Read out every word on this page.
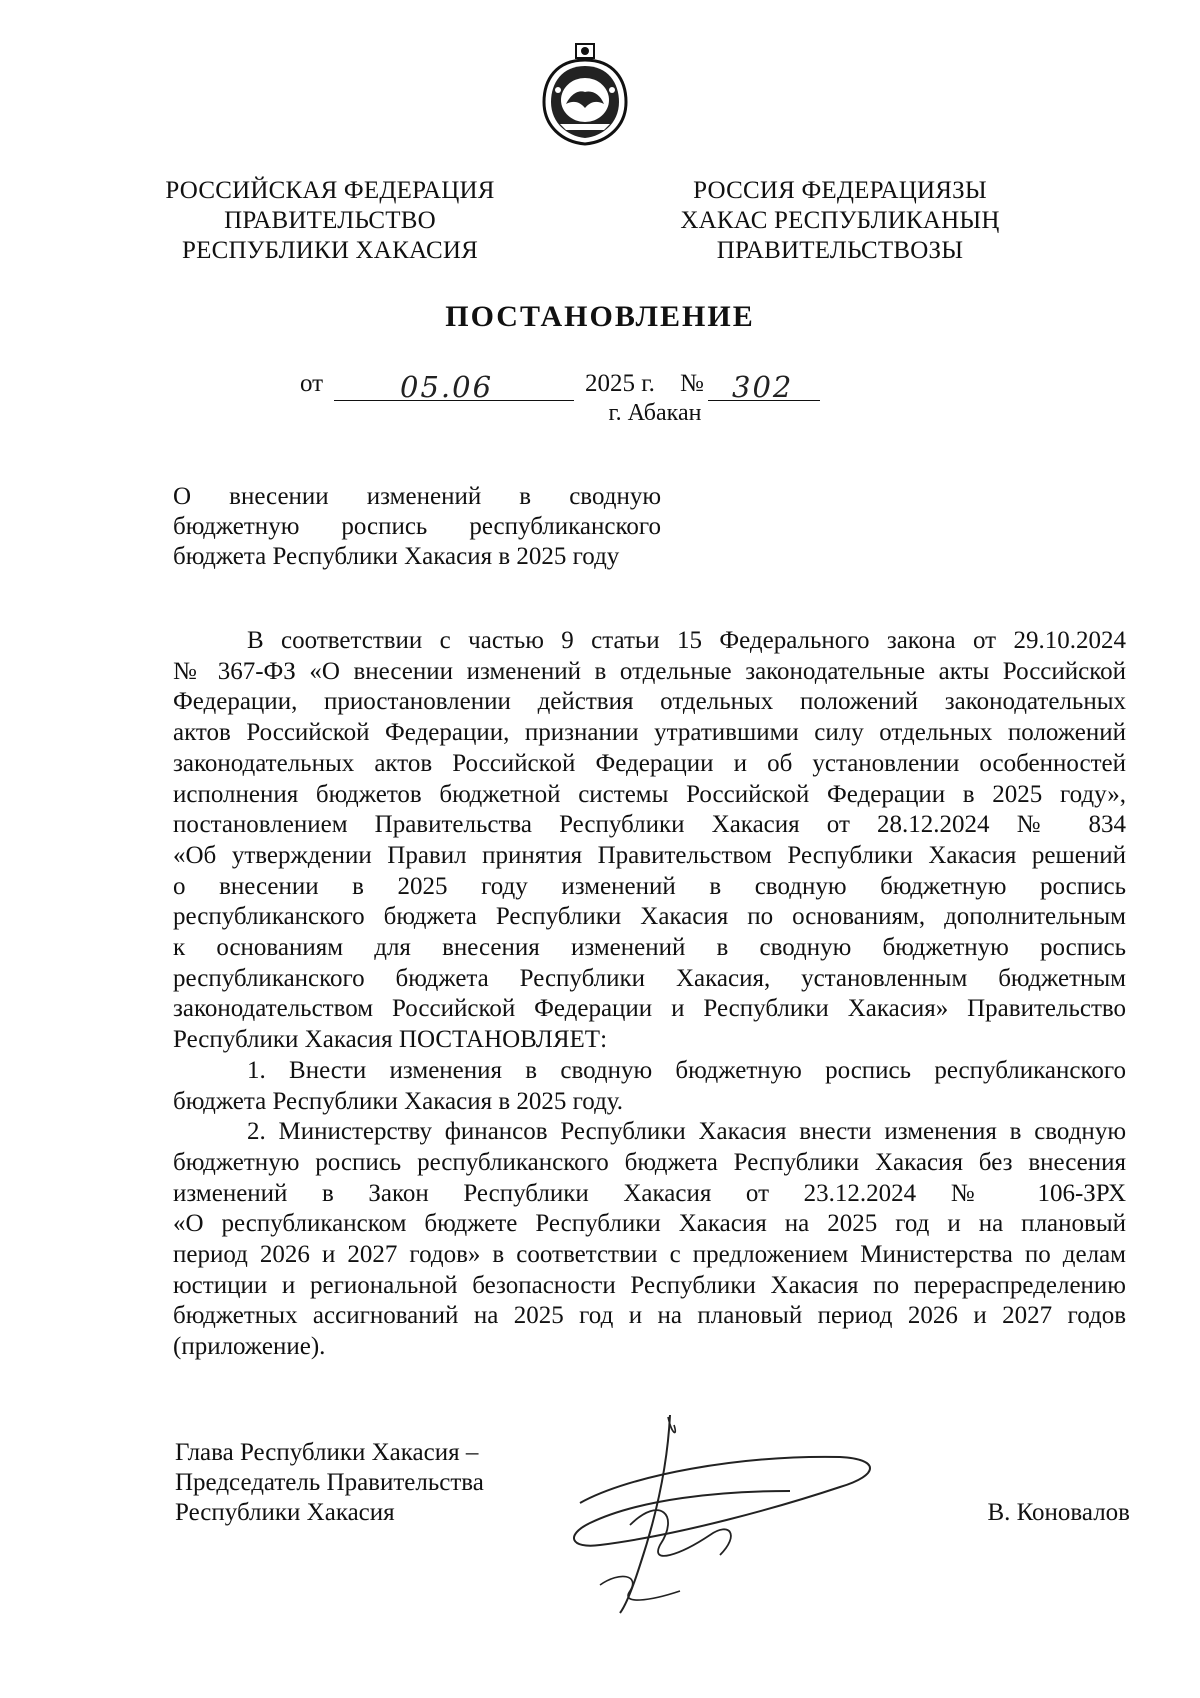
РОССИЙСКАЯ ФЕДЕРАЦИЯ
ПРАВИТЕЛЬСТВО
РЕСПУБЛИКИ ХАКАСИЯ
РОССИЯ ФЕДЕРАЦИЯЗЫ
ХАКАС РЕСПУБЛИКАНЫҢ
ПРАВИТЕЛЬСТВОЗЫ
ПОСТАНОВЛЕНИЕ
от	05.06	2025 г. № 302
г. Абакан
О внесении изменений в сводную
бюджетную роспись республиканского
бюджета Республики Хакасия в 2025 году
В соответствии с частью 9 статьи 15 Федерального закона от 29.10.2024
№ 367-ФЗ «О внесении изменений в отдельные законодательные акты Российской
Федерации, приостановлении действия отдельных положений законодательных
актов Российской Федерации, признании утратившими силу отдельных положений
законодательных актов Российской Федерации и об установлении особенностей
исполнения бюджетов бюджетной системы Российской Федерации в 2025 году»,
постановлением Правительства Республики Хакасия от 28.12.2024 № 834
«Об утверждении Правил принятия Правительством Республики Хакасия решений
о внесении в 2025 году изменений в сводную бюджетную роспись
республиканского бюджета Республики Хакасия по основаниям, дополнительным
к основаниям для внесения изменений в сводную бюджетную роспись
республиканского бюджета Республики Хакасия, установленным бюджетным
законодательством Российской Федерации и Республики Хакасия» Правительство
Республики Хакасия ПОСТАНОВЛЯЕТ:
1. Внести изменения в сводную бюджетную роспись республиканского
бюджета Республики Хакасия в 2025 году.
2. Министерству финансов Республики Хакасия внести изменения в сводную
бюджетную роспись республиканского бюджета Республики Хакасия без внесения
изменений в Закон Республики Хакасия от 23.12.2024 № 106-ЗРХ
«О республиканском бюджете Республики Хакасия на 2025 год и на плановый
период 2026 и 2027 годов» в соответствии с предложением Министерства по делам
юстиции и региональной безопасности Республики Хакасия по перераспределению
бюджетных ассигнований на 2025 год и на плановый период 2026 и 2027 годов
(приложение).
Глава Республики Хакасия –
Председатель Правительства
Республики Хакасия	В. Коновалов
